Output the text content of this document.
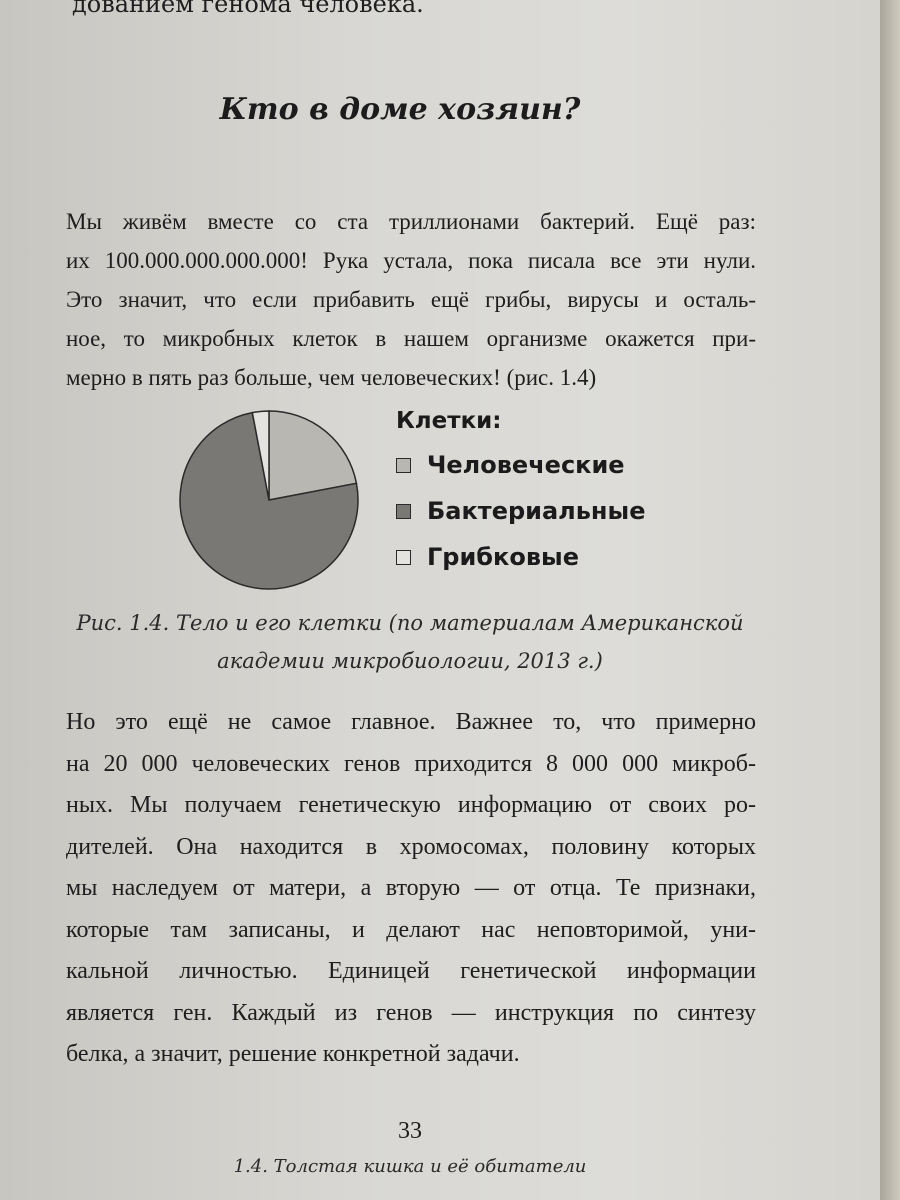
дованием генома человека.
Кто в доме хозяин?
Мы живём вместе со ста триллионами бактерий. Ещё раз:
их 100.000.000.000.000! Рука устала, пока писала все эти нули.
Это значит, что если прибавить ещё грибы, вирусы и осталь-
ное, то микробных клеток в нашем организме окажется при-
мерно в пять раз больше, чем человеческих! (рис. 1.4)
Клетки:
Человеческие
Бактериальные
Грибковые
Рис. 1.4. Тело и его клетки (по материалам Американской
академии микробиологии, 2013 г.)
Но это ещё не самое главное. Важнее то, что примерно
на 20 000 человеческих генов приходится 8 000 000 микроб-
ных. Мы получаем генетическую информацию от своих ро-
дителей. Она находится в хромосомах, половину которых
мы наследуем от матери, а вторую — от отца. Те признаки,
которые там записаны, и делают нас неповторимой, уни-
кальной личностью. Единицей генетической информации
является ген. Каждый из генов — инструкция по синтезу
белка, а значит, решение конкретной задачи.
33
1.4. Толстая кишка и её обитатели
